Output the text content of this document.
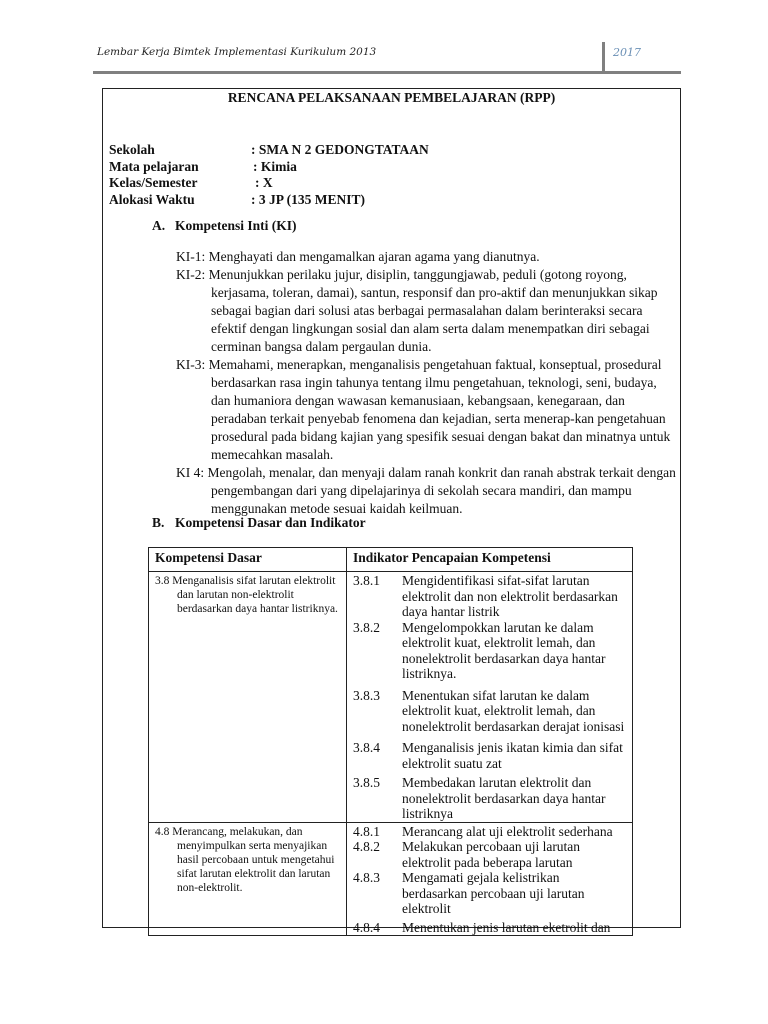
Lembar Kerja Bimtek Implementasi Kurikulum 2013	2017
RENCANA PELAKSANAAN PEMBELAJARAN (RPP)
Sekolah	: SMA N 2 GEDONGTATAAN
Mata pelajaran	: Kimia
Kelas/Semester	: X
Alokasi Waktu	: 3 JP (135 MENIT)
A. Kompetensi Inti (KI)

KI-1: Menghayati dan mengamalkan ajaran agama yang dianutnya.

KI-2: Menunjukkan perilaku jujur, disiplin, tanggungjawab, peduli (gotong royong, kerjasama, toleran, damai), santun, responsif dan pro-aktif dan menunjukkan sikap sebagai bagian dari solusi atas berbagai permasalahan dalam berinteraksi secara efektif dengan lingkungan sosial dan alam serta dalam menempatkan diri sebagai cerminan bangsa dalam pergaulan dunia.

KI-3: Memahami, menerapkan, menganalisis pengetahuan faktual, konseptual, prosedural berdasarkan rasa ingin tahunya tentang ilmu pengetahuan, teknologi, seni, budaya, dan humaniora dengan wawasan kemanusiaan, kebangsaan, kenegaraan, dan peradaban terkait penyebab fenomena dan kejadian, serta menerap-kan pengetahuan prosedural pada bidang kajian yang spesifik sesuai dengan bakat dan minatnya untuk memecahkan masalah.

KI 4: Mengolah, menalar, dan menyaji dalam ranah konkrit dan ranah abstrak terkait dengan pengembangan dari yang dipelajarinya di sekolah secara mandiri, dan mampu menggunakan metode sesuai kaidah keilmuan.

B. Kompetensi Dasar dan Indikator
Kompetensi Dasar	Indikator Pencapaian Kompetensi

3.8 Menganalisis sifat larutan elektrolit dan larutan non-elektrolit berdasarkan daya hantar listriknya.

3.8.1	Mengidentifikasi sifat-sifat larutan elektrolit dan non elektrolit berdasarkan daya hantar listrik
3.8.2	Mengelompokkan larutan ke dalam elektrolit kuat, elektrolit lemah, dan nonelektrolit berdasarkan daya hantar listriknya.
3.8.3	Menentukan sifat larutan ke dalam elektrolit kuat, elektrolit lemah, dan nonelektrolit berdasarkan derajat ionisasi
3.8.4	Menganalisis jenis ikatan kimia dan sifat elektrolit suatu zat
3.8.5	Membedakan larutan elektrolit dan nonelektrolit berdasarkan daya hantar listriknya

4.8 Merancang, melakukan, dan menyimpulkan serta menyajikan hasil percobaan untuk mengetahui sifat larutan elektrolit dan larutan non-elektrolit.

4.8.1	Merancang alat uji elektrolit sederhana
4.8.2	Melakukan percobaan uji larutan elektrolit pada beberapa larutan
4.8.3	Mengamati gejala kelistrikan berdasarkan percobaan uji larutan elektrolit
4.8.4	Menentukan jenis larutan eketrolit dan
